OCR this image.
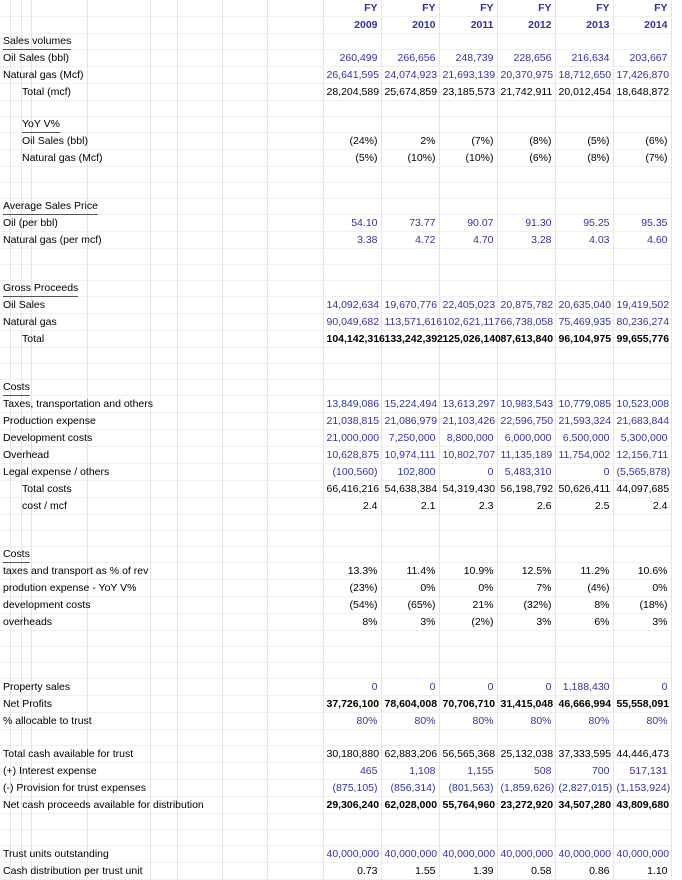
									FY	FY	FY	FY	FY	FY
									2009	2010	2011	2012	2013	2014

Sales volumes														

Oil Sales (bbl)									260,499	266,656	248,739	228,656	216,634	203,667

Natural gas (Mcf)									26,641,595	24,074,923	21,693,139	20,370,975	18,712,650	17,426,870

Total (mcf)									28,204,589	25,674,859	23,185,573	21,742,911	20,012,454	18,648,872

YoY V%														

Oil Sales (bbl)									(24%)	2%	(7%)	(8%)	(5%)	(6%)

Natural gas (Mcf)									(5%)	(10%)	(10%)	(6%)	(8%)	(7%)

Average Sales Price														

Oil (per bbl)									54.10	73.77	90.07	91.30	95.25	95.35

Natural gas (per mcf)									3.38	4.72	4.70	3.28	4.03	4.60

Gross Proceeds														

Oil Sales									14,092,634	19,670,776	22,405,023	20,875,782	20,635,040	19,419,502

Natural gas									90,049,682	113,571,616	102,621,117	66,738,058	75,469,935	80,236,274

Total									104,142,316	133,242,392	125,026,140	87,613,840	96,104,975	99,655,776

Costs														

Taxes, transportation and others									13,849,086	15,224,494	13,613,297	10,983,543	10,779,085	10,523,008

Production expense									21,038,815	21,086,979	21,103,426	22,596,750	21,593,324	21,683,844

Development costs									21,000,000	7,250,000	8,800,000	6,000,000	6,500,000	5,300,000

Overhead									10,628,875	10,974,111	10,802,707	11,135,189	11,754,002	12,156,711

Legal expense / others									(100,560)	102,800	0	5,483,310	0	(5,565,878)

Total costs									66,416,216	54,638,384	54,319,430	56,198,792	50,626,411	44,097,685

cost / mcf									2.4	2.1	2.3	2.6	2.5	2.4

Costs														

taxes and transport as % of rev									13.3%	11.4%	10.9%	12.5%	11.2%	10.6%

prodution expense - YoY V%									(23%)	0%	0%	7%	(4%)	0%

development costs									(54%)	(65%)	21%	(32%)	8%	(18%)

overheads									8%	3%	(2%)	3%	6%	3%

Property sales									0	0	0	0	1,188,430	0

Net Profits									37,726,100	78,604,008	70,706,710	31,415,048	46,666,994	55,558,091

% allocable to trust									80%	80%	80%	80%	80%	80%

Total cash available for trust									30,180,880	62,883,206	56,565,368	25,132,038	37,333,595	44,446,473

(+) Interest expense									465	1,108	1,155	508	700	517,131

(-) Provision for trust expenses									(875,105)	(856,314)	(801,563)	(1,859,626)	(2,827,015)	(1,153,924)

Net cash proceeds available for distribution									29,306,240	62,028,000	55,764,960	23,272,920	34,507,280	43,809,680

Trust units outstanding									40,000,000	40,000,000	40,000,000	40,000,000	40,000,000	40,000,000

Cash distribution per trust unit									0.73	1.55	1.39	0.58	0.86	1.10
